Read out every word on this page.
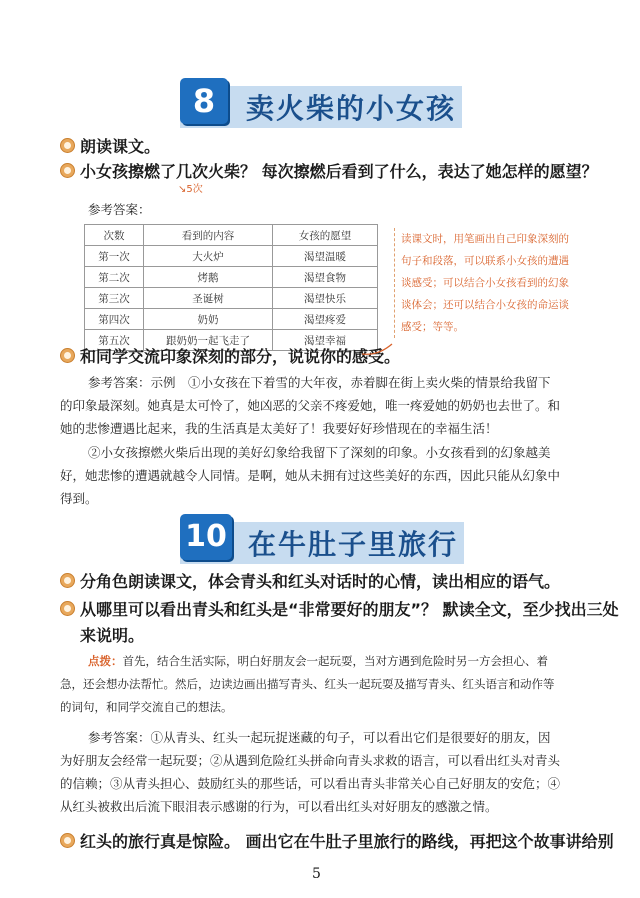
8	卖火柴的小女孩
朗读课文。
小女孩擦燃了几次火柴？ 每次擦燃后看到了什么，表达了她怎样的愿望？
↘5次
参考答案：
次数	看到的内容	女孩的愿望
第一次	大火炉	渴望温暖
第二次	烤鹅	渴望食物
第三次	圣诞树	渴望快乐
第四次	奶奶	渴望疼爱
第五次	跟奶奶一起飞走了	渴望幸福
读课文时，用笔画出自己印象深刻的句子和段落，可以联系小女孩的遭遇谈感受；可以结合小女孩看到的幻象谈体会；还可以结合小女孩的命运谈感受；等等。
和同学交流印象深刻的部分，说说你的感受。
参考答案：示例　①小女孩在下着雪的大年夜，赤着脚在街上卖火柴的情景给我留下的印象最深刻。她真是太可怜了，她凶恶的父亲不疼爱她，唯一疼爱她的奶奶也去世了。和她的悲惨遭遇比起来，我的生活真是太美好了！我要好好珍惜现在的幸福生活！
②小女孩擦燃火柴后出现的美好幻象给我留下了深刻的印象。小女孩看到的幻象越美好，她悲惨的遭遇就越令人同情。是啊，她从未拥有过这些美好的东西，因此只能从幻象中得到。
10 在牛肚子里旅行
分角色朗读课文，体会青头和红头对话时的心情，读出相应的语气。
从哪里可以看出青头和红头是“非常要好的朋友”？ 默读全文，至少找出三处
来说明。
点拨：首先，结合生活实际，明白好朋友会一起玩耍，当对方遇到危险时另一方会担心、着急，还会想办法帮忙。然后，边读边画出描写青头、红头一起玩耍及描写青头、红头语言和动作等的词句，和同学交流自己的想法。
参考答案：①从青头、红头一起玩捉迷藏的句子，可以看出它们是很要好的朋友，因为好朋友会经常一起玩耍；②从遇到危险红头拼命向青头求救的语言，可以看出红头对青头的信赖；③从青头担心、鼓励红头的那些话，可以看出青头非常关心自己好朋友的安危；④从红头被救出后流下眼泪表示感谢的行为，可以看出红头对好朋友的感激之情。
红头的旅行真是惊险。 画出它在牛肚子里旅行的路线，再把这个故事讲给别
5
